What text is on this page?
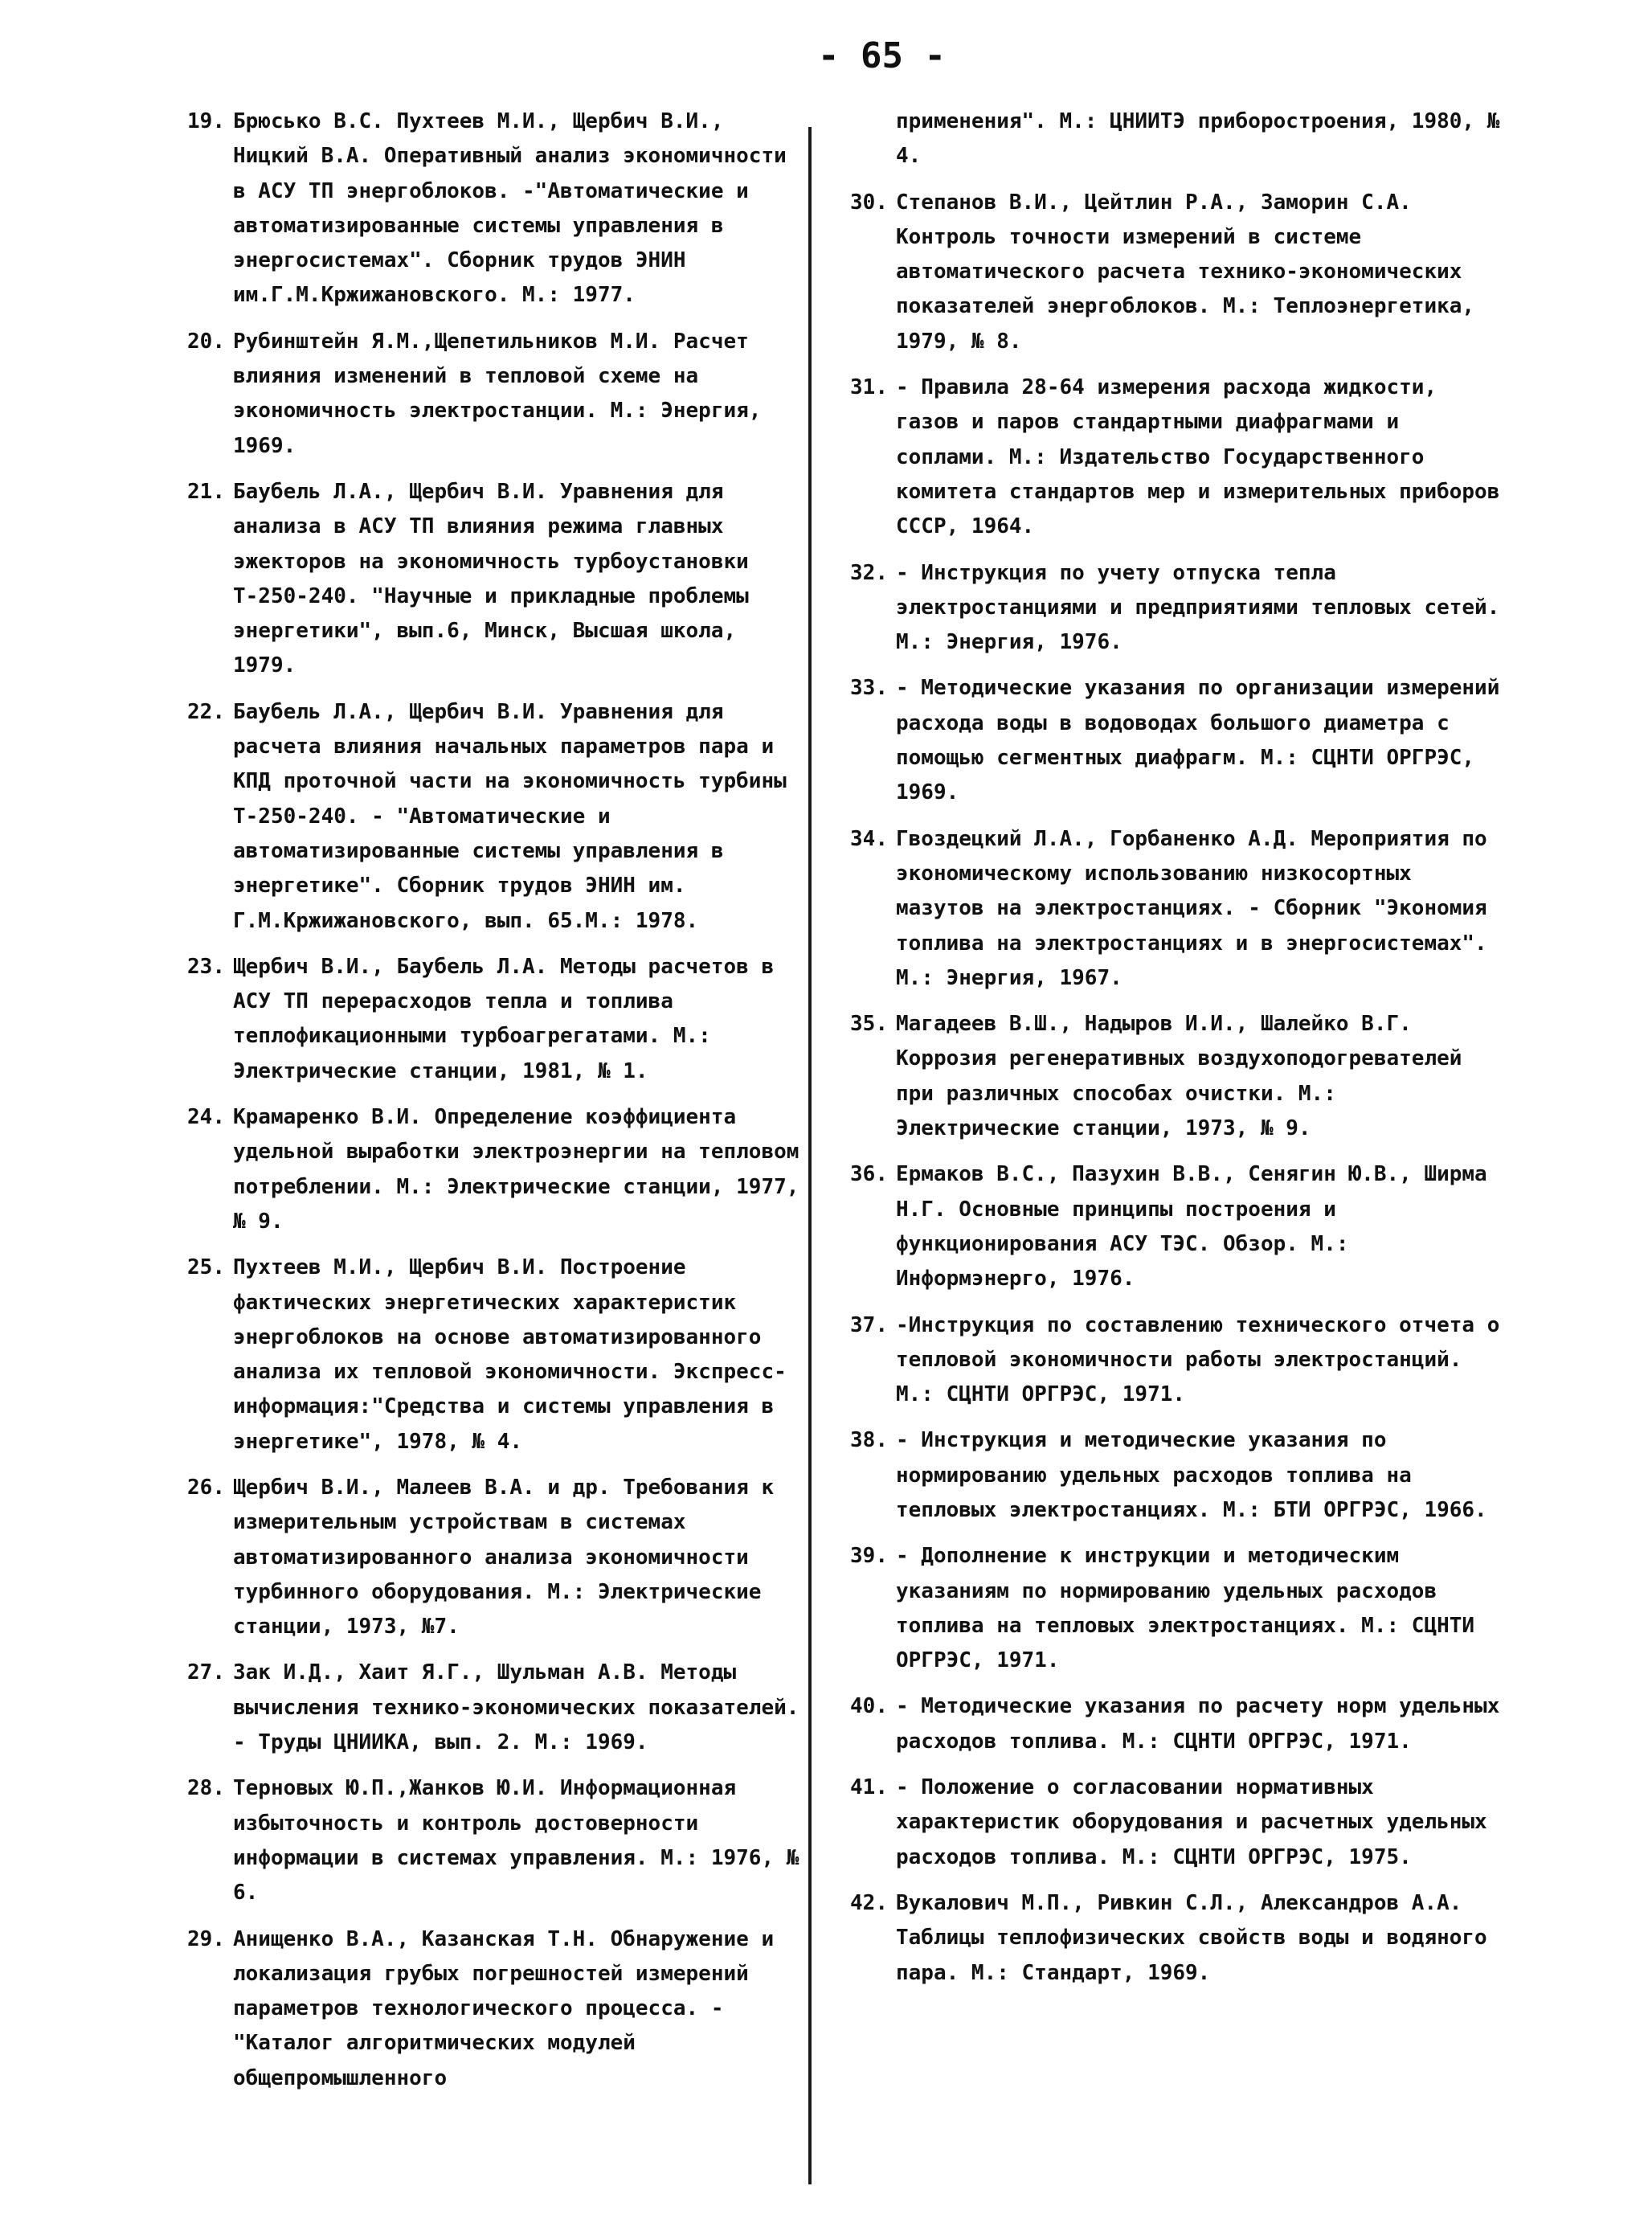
- 65 -

19. Брюсько В.С. Пухтеев М.И., Щербич В.И., Ницкий В.А. Оперативный анализ экономичности в АСУ ТП энергоблоков. -"Автоматические и автоматизированные системы управления в энергосистемах". Сборник трудов ЭНИН им.Г.М.Кржижановского. М.: 1977.

20. Рубинштейн Я.М.,Щепетильников М.И. Расчет влияния изменений в тепловой схеме на экономичность электростанции. М.: Энергия, 1969.

21. Баубель Л.А., Щербич В.И. Уравнения для анализа в АСУ ТП влияния режима главных эжекторов на экономичность турбоустановки Т-250-240. "Научные и прикладные проблемы энергетики", вып.6, Минск, Высшая школа, 1979.

22. Баубель Л.А., Щербич В.И. Уравнения для расчета влияния начальных параметров пара и КПД проточной части на экономичность турбины Т-250-240. - "Автоматические и автоматизированные системы управления в энергетике". Сборник трудов ЭНИН им. Г.М.Кржижановского, вып. 65.М.: 1978.

23. Щербич В.И., Баубель Л.А. Методы расчетов в АСУ ТП перерасходов тепла и топлива теплофикационными турбоагрегатами. М.: Электрические станции, 1981, № 1.

24. Крамаренко В.И. Определение коэффициента удельной выработки электроэнергии на тепловом потреблении. М.: Электрические станции, 1977, № 9.

25. Пухтеев М.И., Щербич В.И. Построение фактических энергетических характеристик энергоблоков на основе автоматизированного анализа их тепловой экономичности. Экспресс-информация:"Средства и системы управления в энергетике", 1978, № 4.

26. Щербич В.И., Малеев В.А. и др. Требования к измерительным устройствам в системах автоматизированного анализа экономичности турбинного оборудования. М.: Электрические станции, 1973, №7.

27. Зак И.Д., Хаит Я.Г., Шульман А.В. Методы вычисления технико-экономических показателей. - Труды ЦНИИКА, вып. 2. М.: 1969.

28. Терновых Ю.П.,Жанков Ю.И. Информационная избыточность и контроль достоверности информации в системах управления. М.: 1976, № 6.

29. Анищенко В.А., Казанская Т.Н. Обнаружение и локализация грубых погрешностей измерений параметров технологического процесса. - "Каталог алгоритмических модулей общепромышленного

применения". М.: ЦНИИТЭ приборостроения, 1980, № 4.

30. Степанов В.И., Цейтлин Р.А., Заморин С.А. Контроль точности измерений в системе автоматического расчета технико-экономических показателей энергоблоков. М.: Теплоэнергетика, 1979, № 8.

31. - Правила 28-64 измерения расхода жидкости, газов и паров стандартными диафрагмами и соплами. М.: Издательство Государственного комитета стандартов мер и измерительных приборов СССР, 1964.

32. - Инструкция по учету отпуска тепла электростанциями и предприятиями тепловых сетей. М.: Энергия, 1976.

33. - Методические указания по организации измерений расхода воды в водоводах большого диаметра с помощью сегментных диафрагм. М.: СЦНТИ ОРГРЭС, 1969.

34. Гвоздецкий Л.А., Горбаненко А.Д. Мероприятия по экономическому использованию низкосортных мазутов на электростанциях. - Сборник "Экономия топлива на электростанциях и в энергосистемах". М.: Энергия, 1967.

35. Магадеев В.Ш., Надыров И.И., Шалейко В.Г. Коррозия регенеративных воздухоподогревателей при различных способах очистки. М.: Электрические станции, 1973, № 9.

36. Ермаков В.С., Пазухин В.В., Сенягин Ю.В., Ширма Н.Г. Основные принципы построения и функционирования АСУ ТЭС. Обзор. М.: Информэнерго, 1976.

37. -Инструкция по составлению технического отчета о тепловой экономичности работы электростанций. М.: СЦНТИ ОРГРЭС, 1971.

38. - Инструкция и методические указания по нормированию удельных расходов топлива на тепловых электростанциях. М.: БТИ ОРГРЭС, 1966.

39. - Дополнение к инструкции и методическим указаниям по нормированию удельных расходов топлива на тепловых электростанциях. М.: СЦНТИ ОРГРЭС, 1971.

40. - Методические указания по расчету норм удельных расходов топлива. М.: СЦНТИ ОРГРЭС, 1971.

41. - Положение о согласовании нормативных характеристик оборудования и расчетных удельных расходов топлива. М.: СЦНТИ ОРГРЭС, 1975.

42. Вукалович М.П., Ривкин С.Л., Александров А.А. Таблицы теплофизических свойств воды и водяного пара. М.: Стандарт, 1969.
